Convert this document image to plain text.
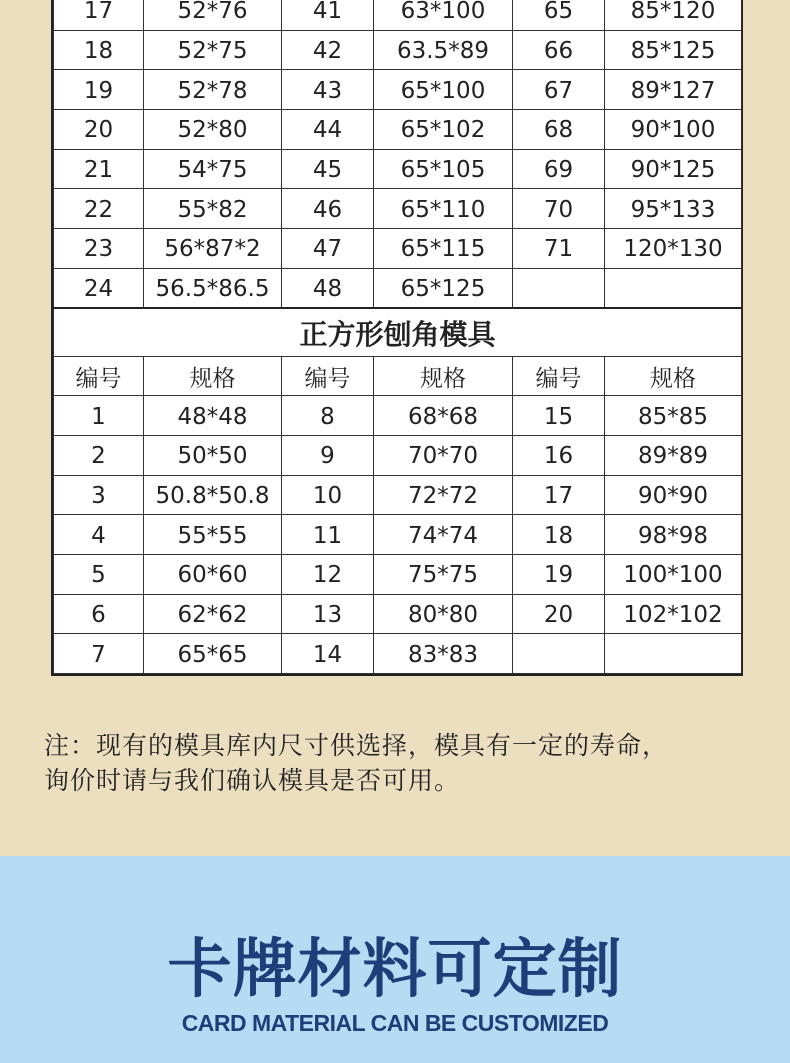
17	52*76	41	63*100	65	85*120
18	52*75	42	63.5*89	66	85*125
19	52*78	43	65*100	67	89*127
20	52*80	44	65*102	68	90*100
21	54*75	45	65*105	69	90*125
22	55*82	46	65*110	70	95*133
23	56*87*2	47	65*115	71	120*130
24	56.5*86.5	48	65*125		
正方形刨角模具					
编号	规格	编号	规格	编号	规格
1	48*48	8	68*68	15	85*85
2	50*50	9	70*70	16	89*89
3	50.8*50.8	10	72*72	17	90*90
4	55*55	11	74*74	18	98*98
5	60*60	12	75*75	19	100*100
6	62*62	13	80*80	20	102*102
7	65*65	14	83*83		
注：现有的模具库内尺寸供选择，模具有一定的寿命，
询价时请与我们确认模具是否可用。
卡牌材料可定制
CARD MATERIAL CAN BE CUSTOMIZED
